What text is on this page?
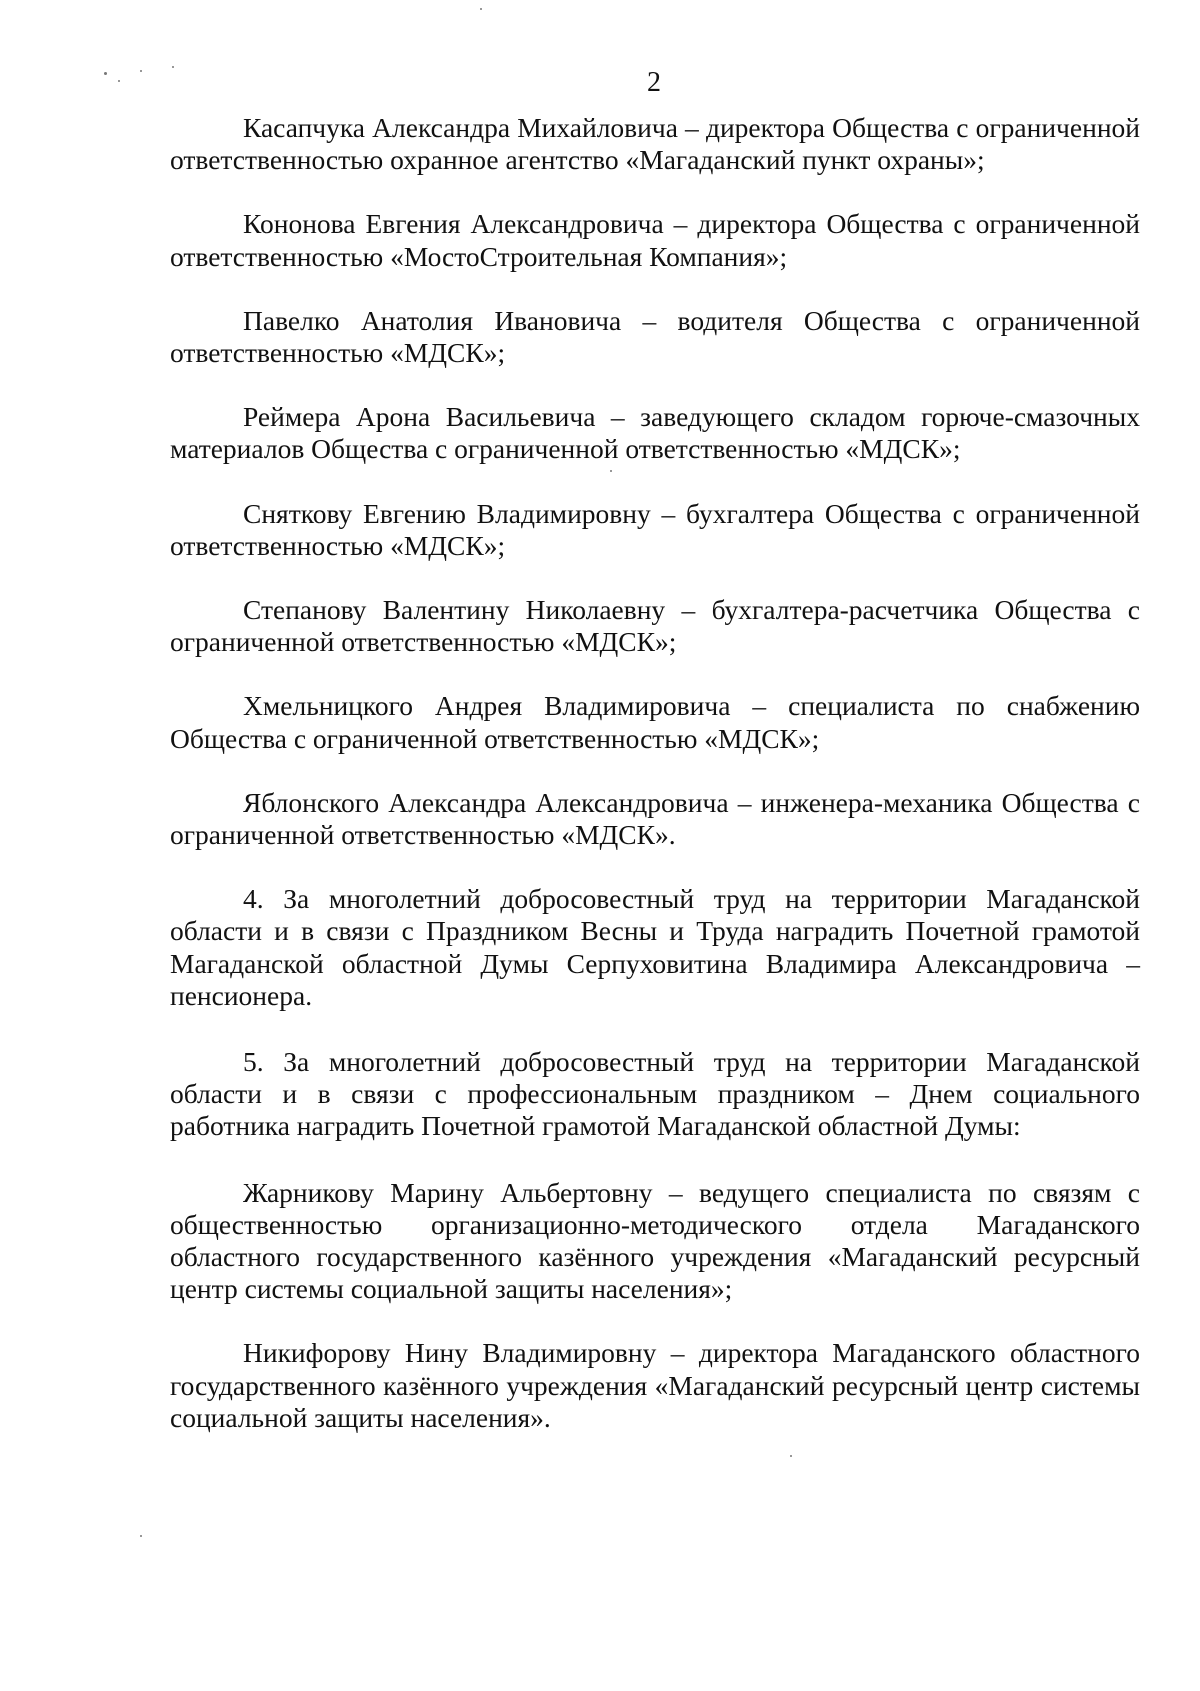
2

Касапчука Александра Михайловича – директора Общества с ограниченной ответственностью охранное агентство «Магаданский пункт охраны»;

Кононова Евгения Александровича – директора Общества с ограниченной ответственностью «МостоСтроительная Компания»;

Павелко Анатолия Ивановича – водителя Общества с ограниченной ответственностью «МДСК»;

Реймера Арона Васильевича – заведующего складом горюче-смазочных материалов Общества с ограниченной ответственностью «МДСК»;

Сняткову Евгению Владимировну – бухгалтера Общества с ограниченной ответственностью «МДСК»;

Степанову Валентину Николаевну – бухгалтера-расчетчика Общества с ограниченной ответственностью «МДСК»;

Хмельницкого Андрея Владимировича – специалиста по снабжению Общества с ограниченной ответственностью «МДСК»;

Яблонского Александра Александровича – инженера-механика Общества с ограниченной ответственностью «МДСК».

4. За многолетний добросовестный труд на территории Магаданской области и в связи с Праздником Весны и Труда наградить Почетной грамотой Магаданской областной Думы Серпуховитина Владимира Александровича – пенсионера.

5. За многолетний добросовестный труд на территории Магаданской области и в связи с профессиональным праздником – Днем социального работника наградить Почетной грамотой Магаданской областной Думы:

Жарникову Марину Альбертовну – ведущего специалиста по связям с общественностью организационно-методического отдела Магаданского областного государственного казённого учреждения «Магаданский ресурсный центр системы социальной защиты населения»;

Никифорову Нину Владимировну – директора Магаданского областного государственного казённого учреждения «Магаданский ресурсный центр системы социальной защиты населения».
